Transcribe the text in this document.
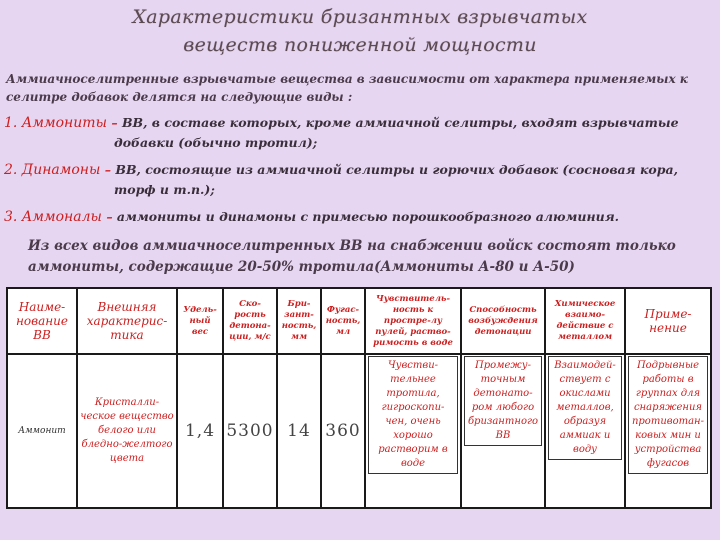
Характеристики бризантных взрывчатых
веществ пониженной мощности
Аммиачноселитренные взрывчатые вещества в зависимости от характера применяемых к селитре добавок делятся на следующие виды :
1. Аммониты – ВВ, в составе которых, кроме аммиачной селитры, входят взрывчатые
добавки (обычно тротил);
2. Динамоны – ВВ, состоящие из аммиачной селитры и горючих добавок (сосновая кора,
торф и т.п.);
3. Аммоналы – аммониты и динамоны с примесью порошкообразного алюминия.
Из всех видов аммиачноселитренных ВВ на снабжении войск состоят только аммониты, содержащие 20-50% тротила(Аммониты А-80 и А-50)
Наиме-нование ВВ	Внешняя характерис-тика	Удель-ный вес	Ско-рость детона-ции, м/с	Бри-зант-ность, мм	Фугас-ность, мл	Чувствитель-ность к простре-лу пулей, раство-римость в воде	Способность возбуждения детонации	Химическое взаимо-действие с металлом	Приме-нение
Аммонит	Кристалли-ческое вещество белого или бледно-желтого цвета	1,4	5300	14	360	Чувстви-тельнее тротила, гигроскопи-чен, очень хорошо растворим в воде	Промежу-точным детонато-ром любого бризантного ВВ	Взаимодей-ствует с окислами металлов, образуя аммиак и воду	Подрывные работы в группах для снаряжения противотан-ковых мин и устройства фугасов
